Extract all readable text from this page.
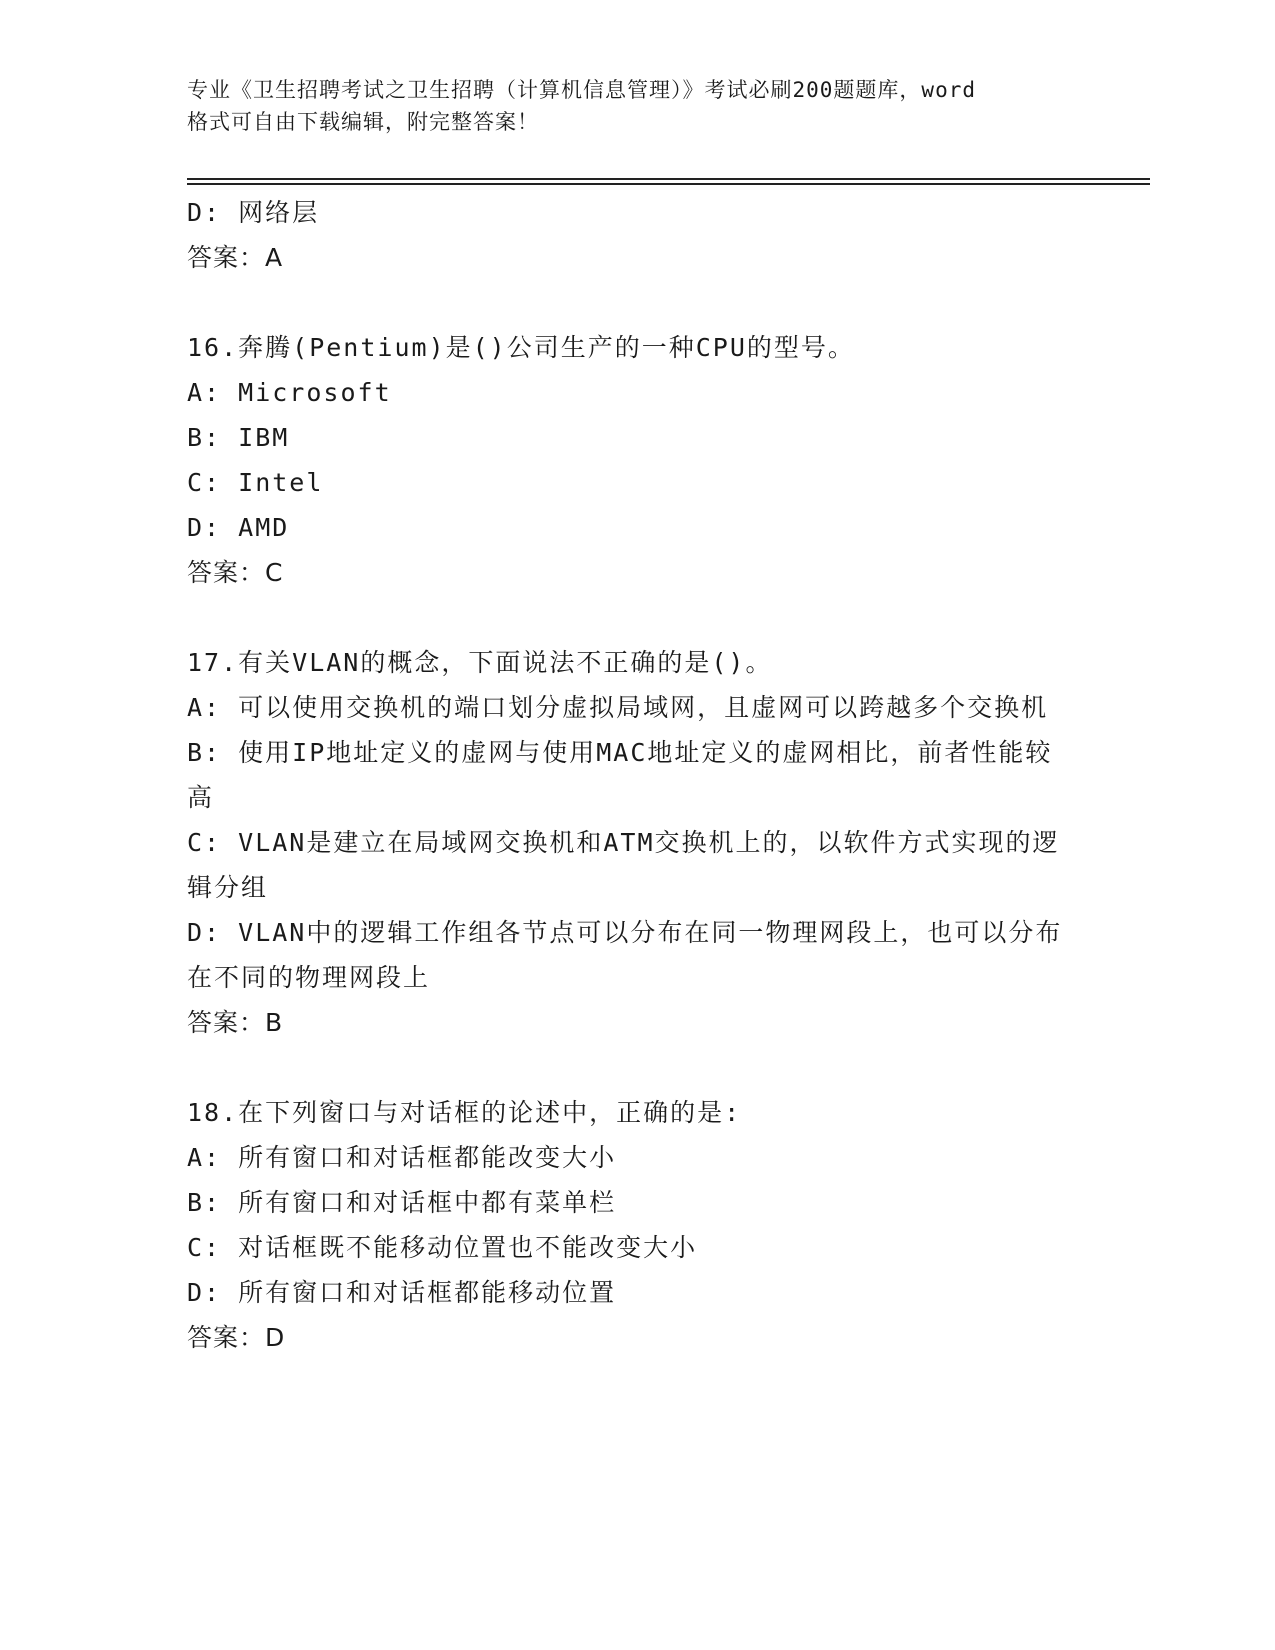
专业《卫生招聘考试之卫生招聘（计算机信息管理）》考试必刷200题题库，word
格式可自由下载编辑，附完整答案！
D: 网络层
答案：A
16.奔腾(Pentium)是()公司生产的一种CPU的型号。
A: Microsoft
B: IBM
C: Intel
D: AMD
答案：C
17.有关VLAN的概念，下面说法不正确的是()。
A: 可以使用交换机的端口划分虚拟局域网，且虚网可以跨越多个交换机
B: 使用IP地址定义的虚网与使用MAC地址定义的虚网相比，前者性能较高
C: VLAN是建立在局域网交换机和ATM交换机上的，以软件方式实现的逻辑分组
D: VLAN中的逻辑工作组各节点可以分布在同一物理网段上，也可以分布在不同的物理网段上
答案：B
18.在下列窗口与对话框的论述中，正确的是:
A: 所有窗口和对话框都能改变大小
B: 所有窗口和对话框中都有菜单栏
C: 对话框既不能移动位置也不能改变大小
D: 所有窗口和对话框都能移动位置
答案：D
